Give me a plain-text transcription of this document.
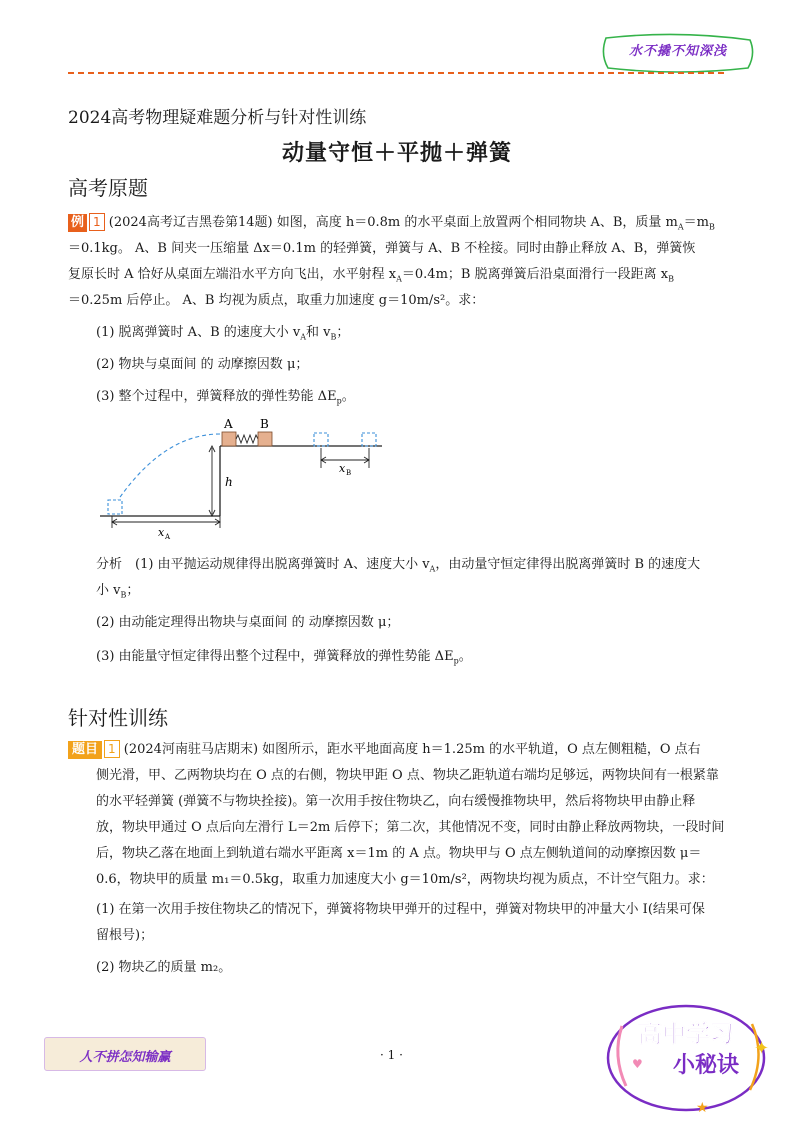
水不撬不知深浅
2024高考物理疑难题分析与针对性训练
动量守恒＋平抛＋弹簧
高考原题
例 1 (2024高考辽吉黑卷第14题) 如图，高度 h＝0.8m 的水平桌面上放置两个相同物块 A、B，质量 $m_A=m_B$
＝0.1kg。 A、B 间夹一压缩量 Δx＝0.1m 的轻弹簧，弹簧与 A、B 不栓接。同时由静止释放 A、B，弹簧恢
复原长时 A 恰好从桌面左端沿水平方向飞出，水平射程 $x_A=0.4m$；B 脱离弹簧后沿桌面滑行一段距离 $x_B$
＝0.25m 后停止。 A、B 均视为质点，取重力加速度 g＝10m/s²。求：
(1) 脱离弹簧时 A、B 的速度大小 $v_A$和 $v_B$；
(2) 物块与桌面间 的 动摩擦因数 μ；
(3) 整个过程中，弹簧释放的弹性势能 $\Delta E_p$。
A B
h
x A
x B
分析　(1) 由平抛运动规律得出脱离弹簧时 A、速度大小 $v_A$，由动量守恒定律得出脱离弹簧时 B 的速度大
小 $v_B$；
(2) 由动能定理得出物块与桌面间 的 动摩擦因数 μ；
(3) 由能量守恒定律得出整个过程中，弹簧释放的弹性势能 $\Delta E_p$。
针对性训练
题目 1 (2024河南驻马店期末) 如图所示，距水平地面高度 h＝1.25m 的水平轨道，O 点左侧粗糙，O 点右
侧光滑，甲、乙两物块均在 O 点的右侧，物块甲距 O 点、物块乙距轨道右端均足够远，两物块间有一根紧靠
的水平轻弹簧 (弹簧不与物块拴接)。第一次用手按住物块乙，向右缓慢推物块甲，然后将物块甲由静止释
放，物块甲通过 O 点后向左滑行 L＝2m 后停下；第二次，其他情况不变，同时由静止释放两物块，一段时间
后，物块乙落在地面上到轨道右端水平距离 x＝1m 的 A 点。物块甲与 O 点左侧轨道间的动摩擦因数 μ＝
0.6，物块甲的质量 m₁＝0.5kg，取重力加速度大小 g＝10m/s²，两物块均视为质点，不计空气阻力。求：
(1) 在第一次用手按住物块乙的情况下，弹簧将物块甲弹开的过程中，弹簧对物块甲的冲量大小 I(结果可保
留根号)；
(2) 物块乙的质量 m₂。
人不拼怎知输赢	· 1 ·
高中学习
小秘诀
✦
♥
★
